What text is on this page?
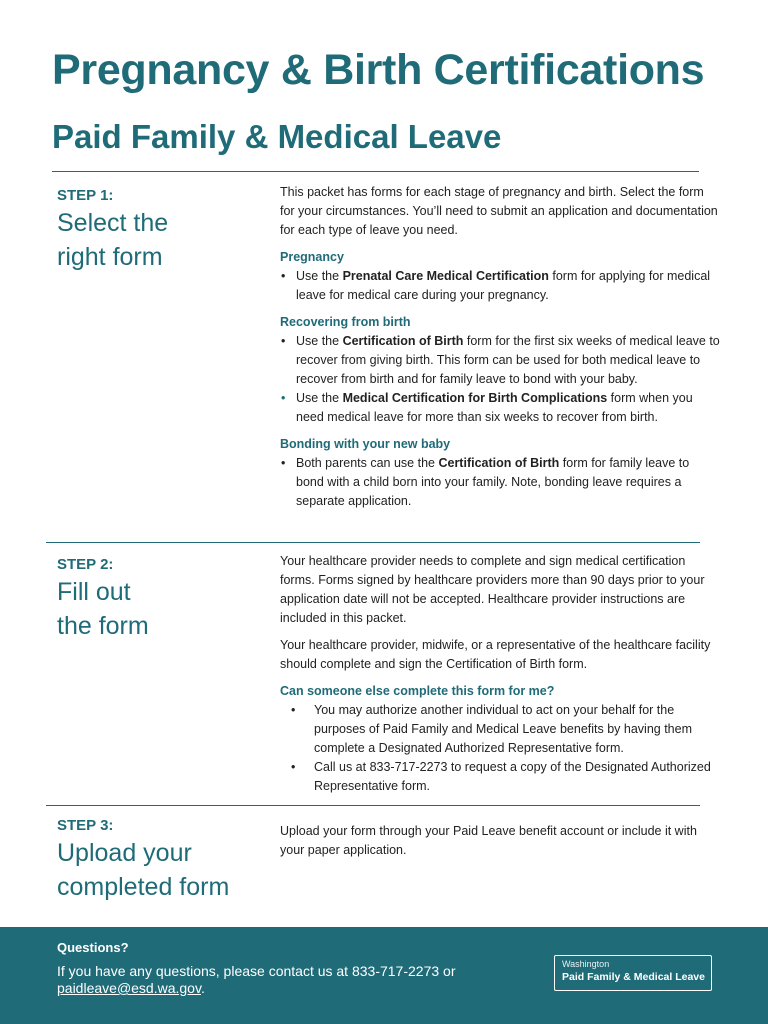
Pregnancy & Birth Certifications
Paid Family & Medical Leave
STEP 1:
Select the
right form

This packet has forms for each stage of pregnancy and birth. Select the form for your circumstances. You’ll need to submit an application and documentation for each type of leave you need.

Pregnancy
• Use the Prenatal Care Medical Certification form for applying for medical leave for medical care during your pregnancy.
Recovering from birth
• Use the Certification of Birth form for the first six weeks of medical leave to recover from giving birth. This form can be used for both medical leave to recover from birth and for family leave to bond with your baby.
• Use the Medical Certification for Birth Complications form when you need medical leave for more than six weeks to recover from birth.
Bonding with your new baby
• Both parents can use the Certification of Birth form for family leave to bond with a child born into your family. Note, bonding leave requires a separate application.
STEP 2:
Fill out
the form

Your healthcare provider needs to complete and sign medical certification forms. Forms signed by healthcare providers more than 90 days prior to your application date will not be accepted. Healthcare provider instructions are included in this packet.

Your healthcare provider, midwife, or a representative of the healthcare facility should complete and sign the Certification of Birth form.

Can someone else complete this form for me?
• You may authorize another individual to act on your behalf for the purposes of Paid Family and Medical Leave benefits by having them complete a Designated Authorized Representative form.
• Call us at 833-717-2273 to request a copy of the Designated Authorized Representative form.
STEP 3:
Upload your
completed form

Upload your form through your Paid Leave benefit account or include it with your paper application.

Questions?
If you have any questions, please contact us at 833-717-2273 or paidleave@esd.wa.gov.
Washington
Paid Family & Medical Leave
